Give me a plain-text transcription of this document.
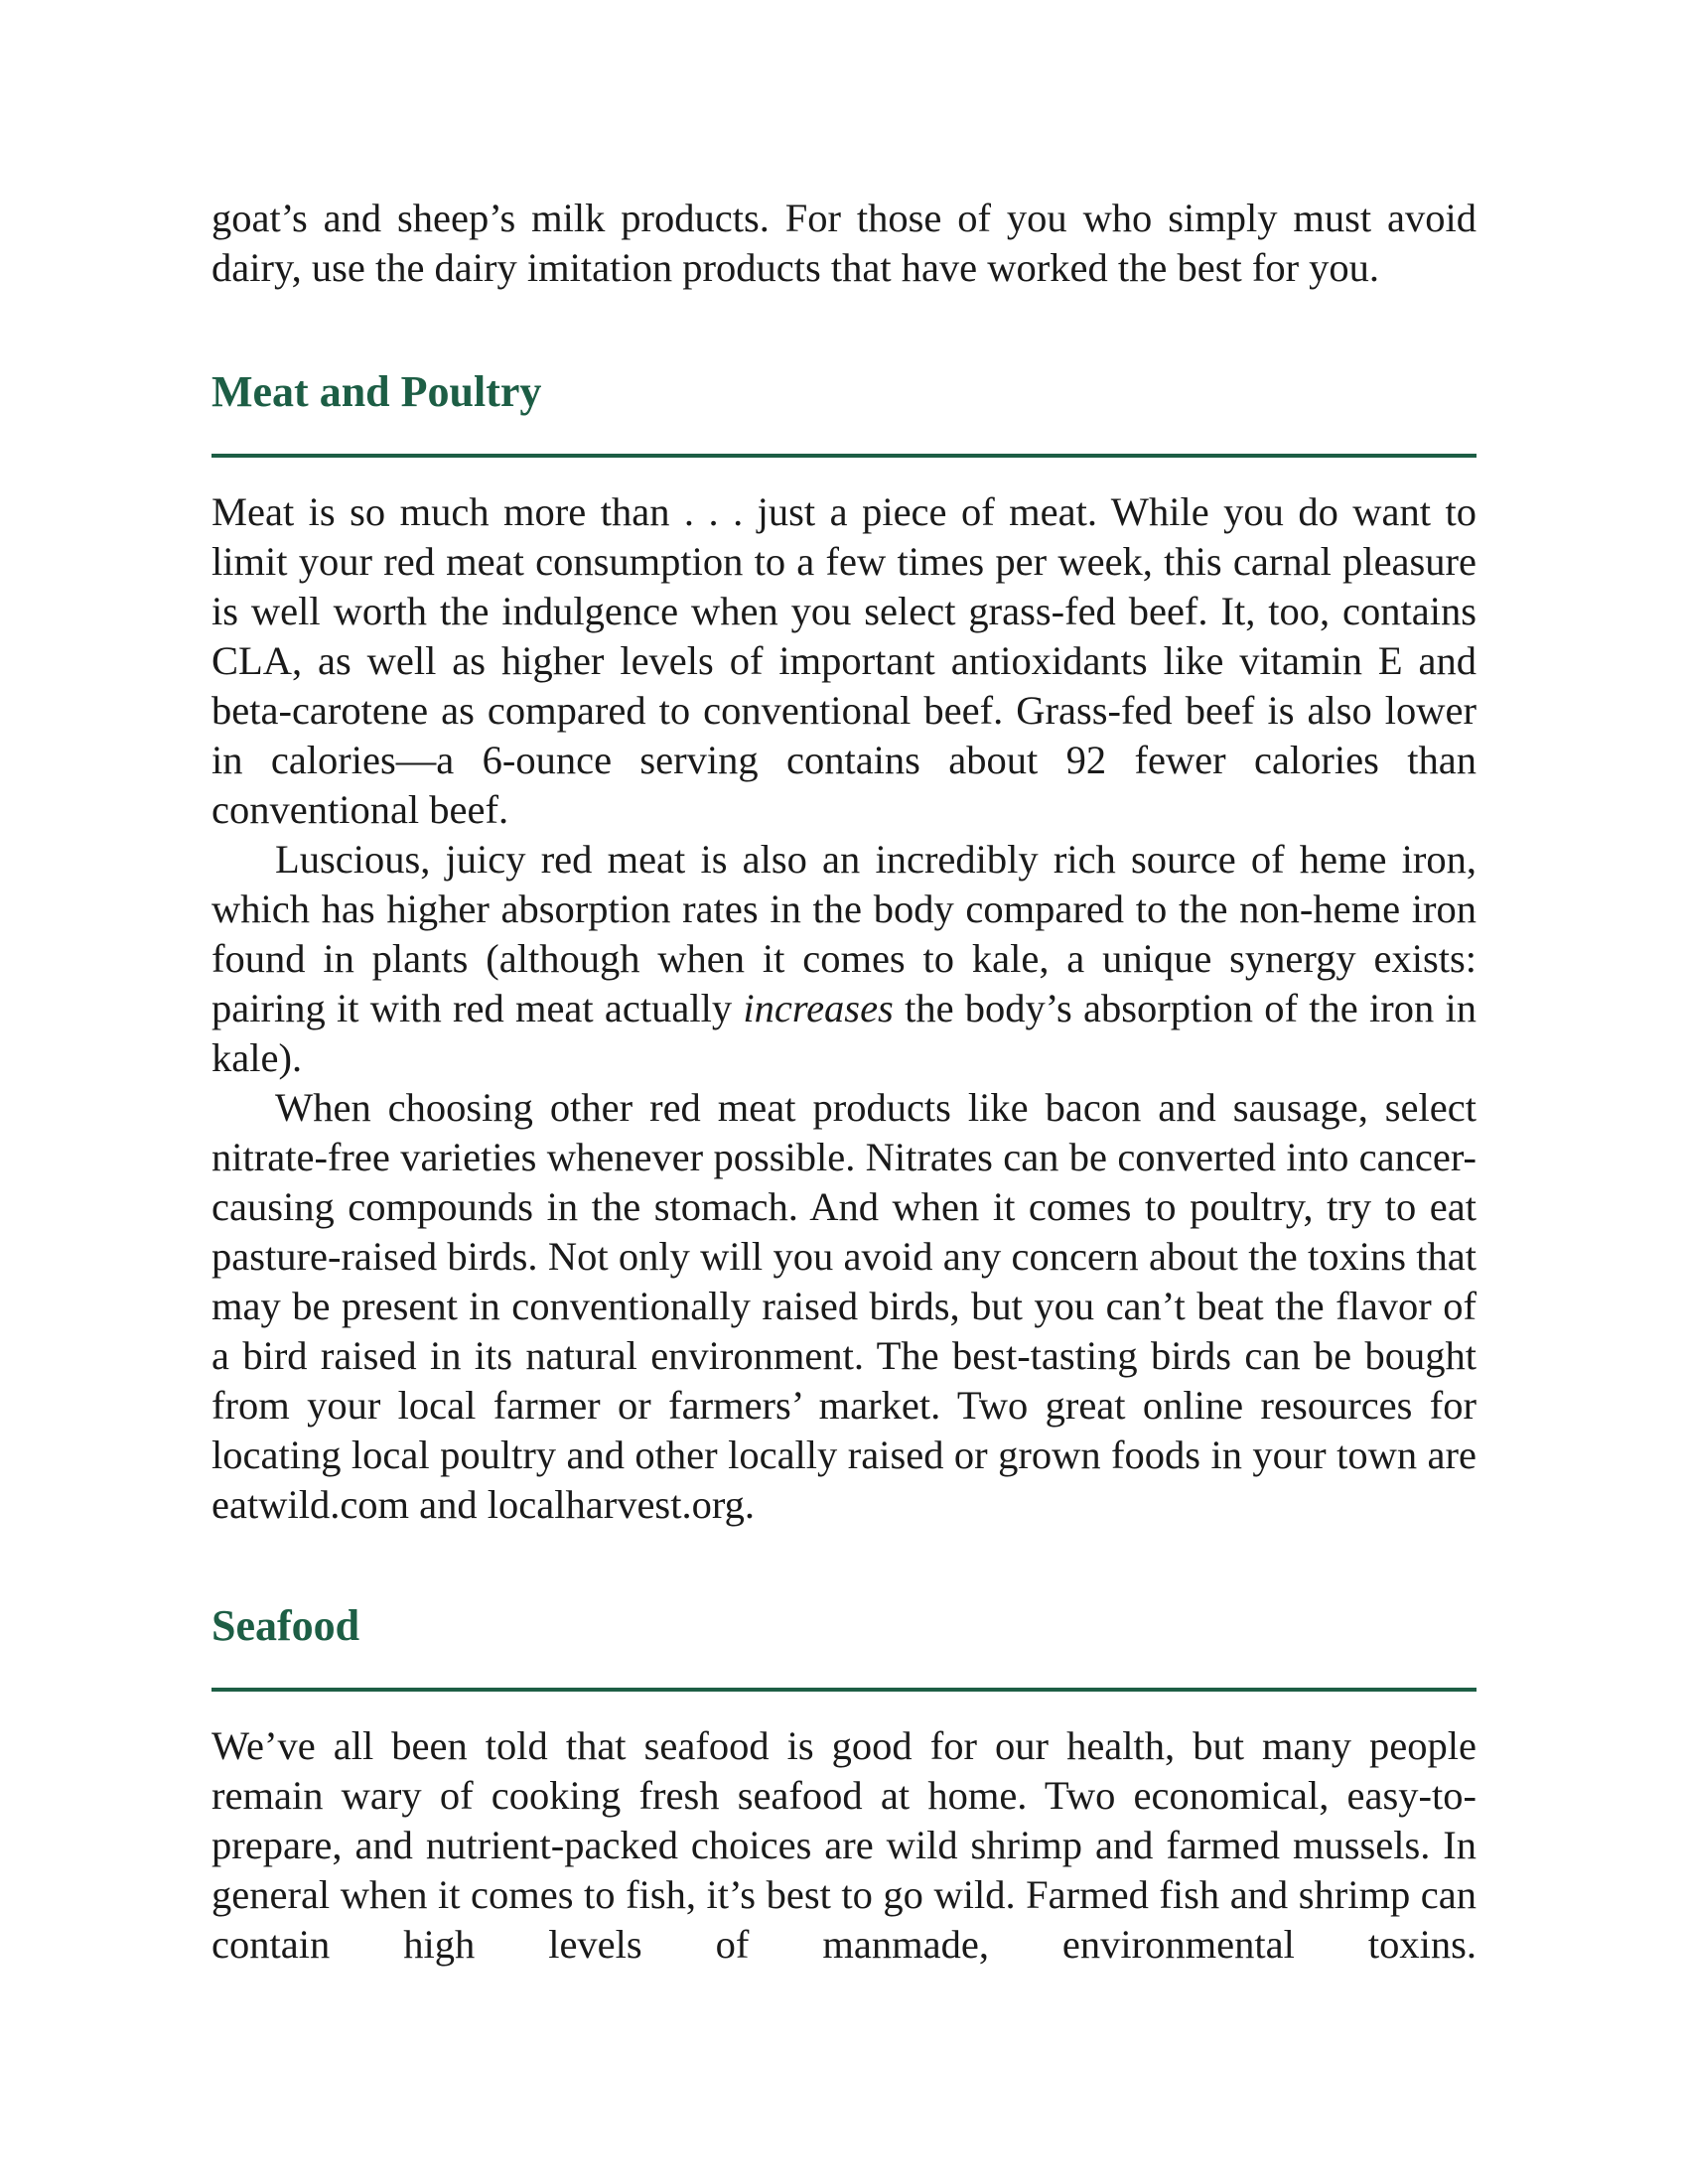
goat’s and sheep’s milk products. For those of you who simply must avoid dairy, use the dairy imitation products that have worked the best for you.

Meat and Poultry

Meat is so much more than . . . just a piece of meat. While you do want to limit your red meat consumption to a few times per week, this carnal pleasure is well worth the indulgence when you select grass-fed beef. It, too, contains CLA, as well as higher levels of important antioxidants like vitamin E and beta-carotene as compared to conventional beef. Grass-fed beef is also lower in calories—a 6-ounce serving contains about 92 fewer calories than conventional beef.

Luscious, juicy red meat is also an incredibly rich source of heme iron, which has higher absorption rates in the body compared to the non-heme iron found in plants (although when it comes to kale, a unique synergy exists: pairing it with red meat actually increases the body’s absorption of the iron in kale).

When choosing other red meat products like bacon and sausage, select nitrate-free varieties whenever possible. Nitrates can be converted into cancer-causing compounds in the stomach. And when it comes to poultry, try to eat pasture-raised birds. Not only will you avoid any concern about the toxins that may be present in conventionally raised birds, but you can’t beat the flavor of a bird raised in its natural environment. The best-tasting birds can be bought from your local farmer or farmers’ market. Two great online resources for locating local poultry and other locally raised or grown foods in your town are eatwild.com and localharvest.org.

Seafood

We’ve all been told that seafood is good for our health, but many people remain wary of cooking fresh seafood at home. Two economical, easy-to-prepare, and nutrient-packed choices are wild shrimp and farmed mussels. In general when it comes to fish, it’s best to go wild. Farmed fish and shrimp can contain high levels of manmade, environmental toxins.
